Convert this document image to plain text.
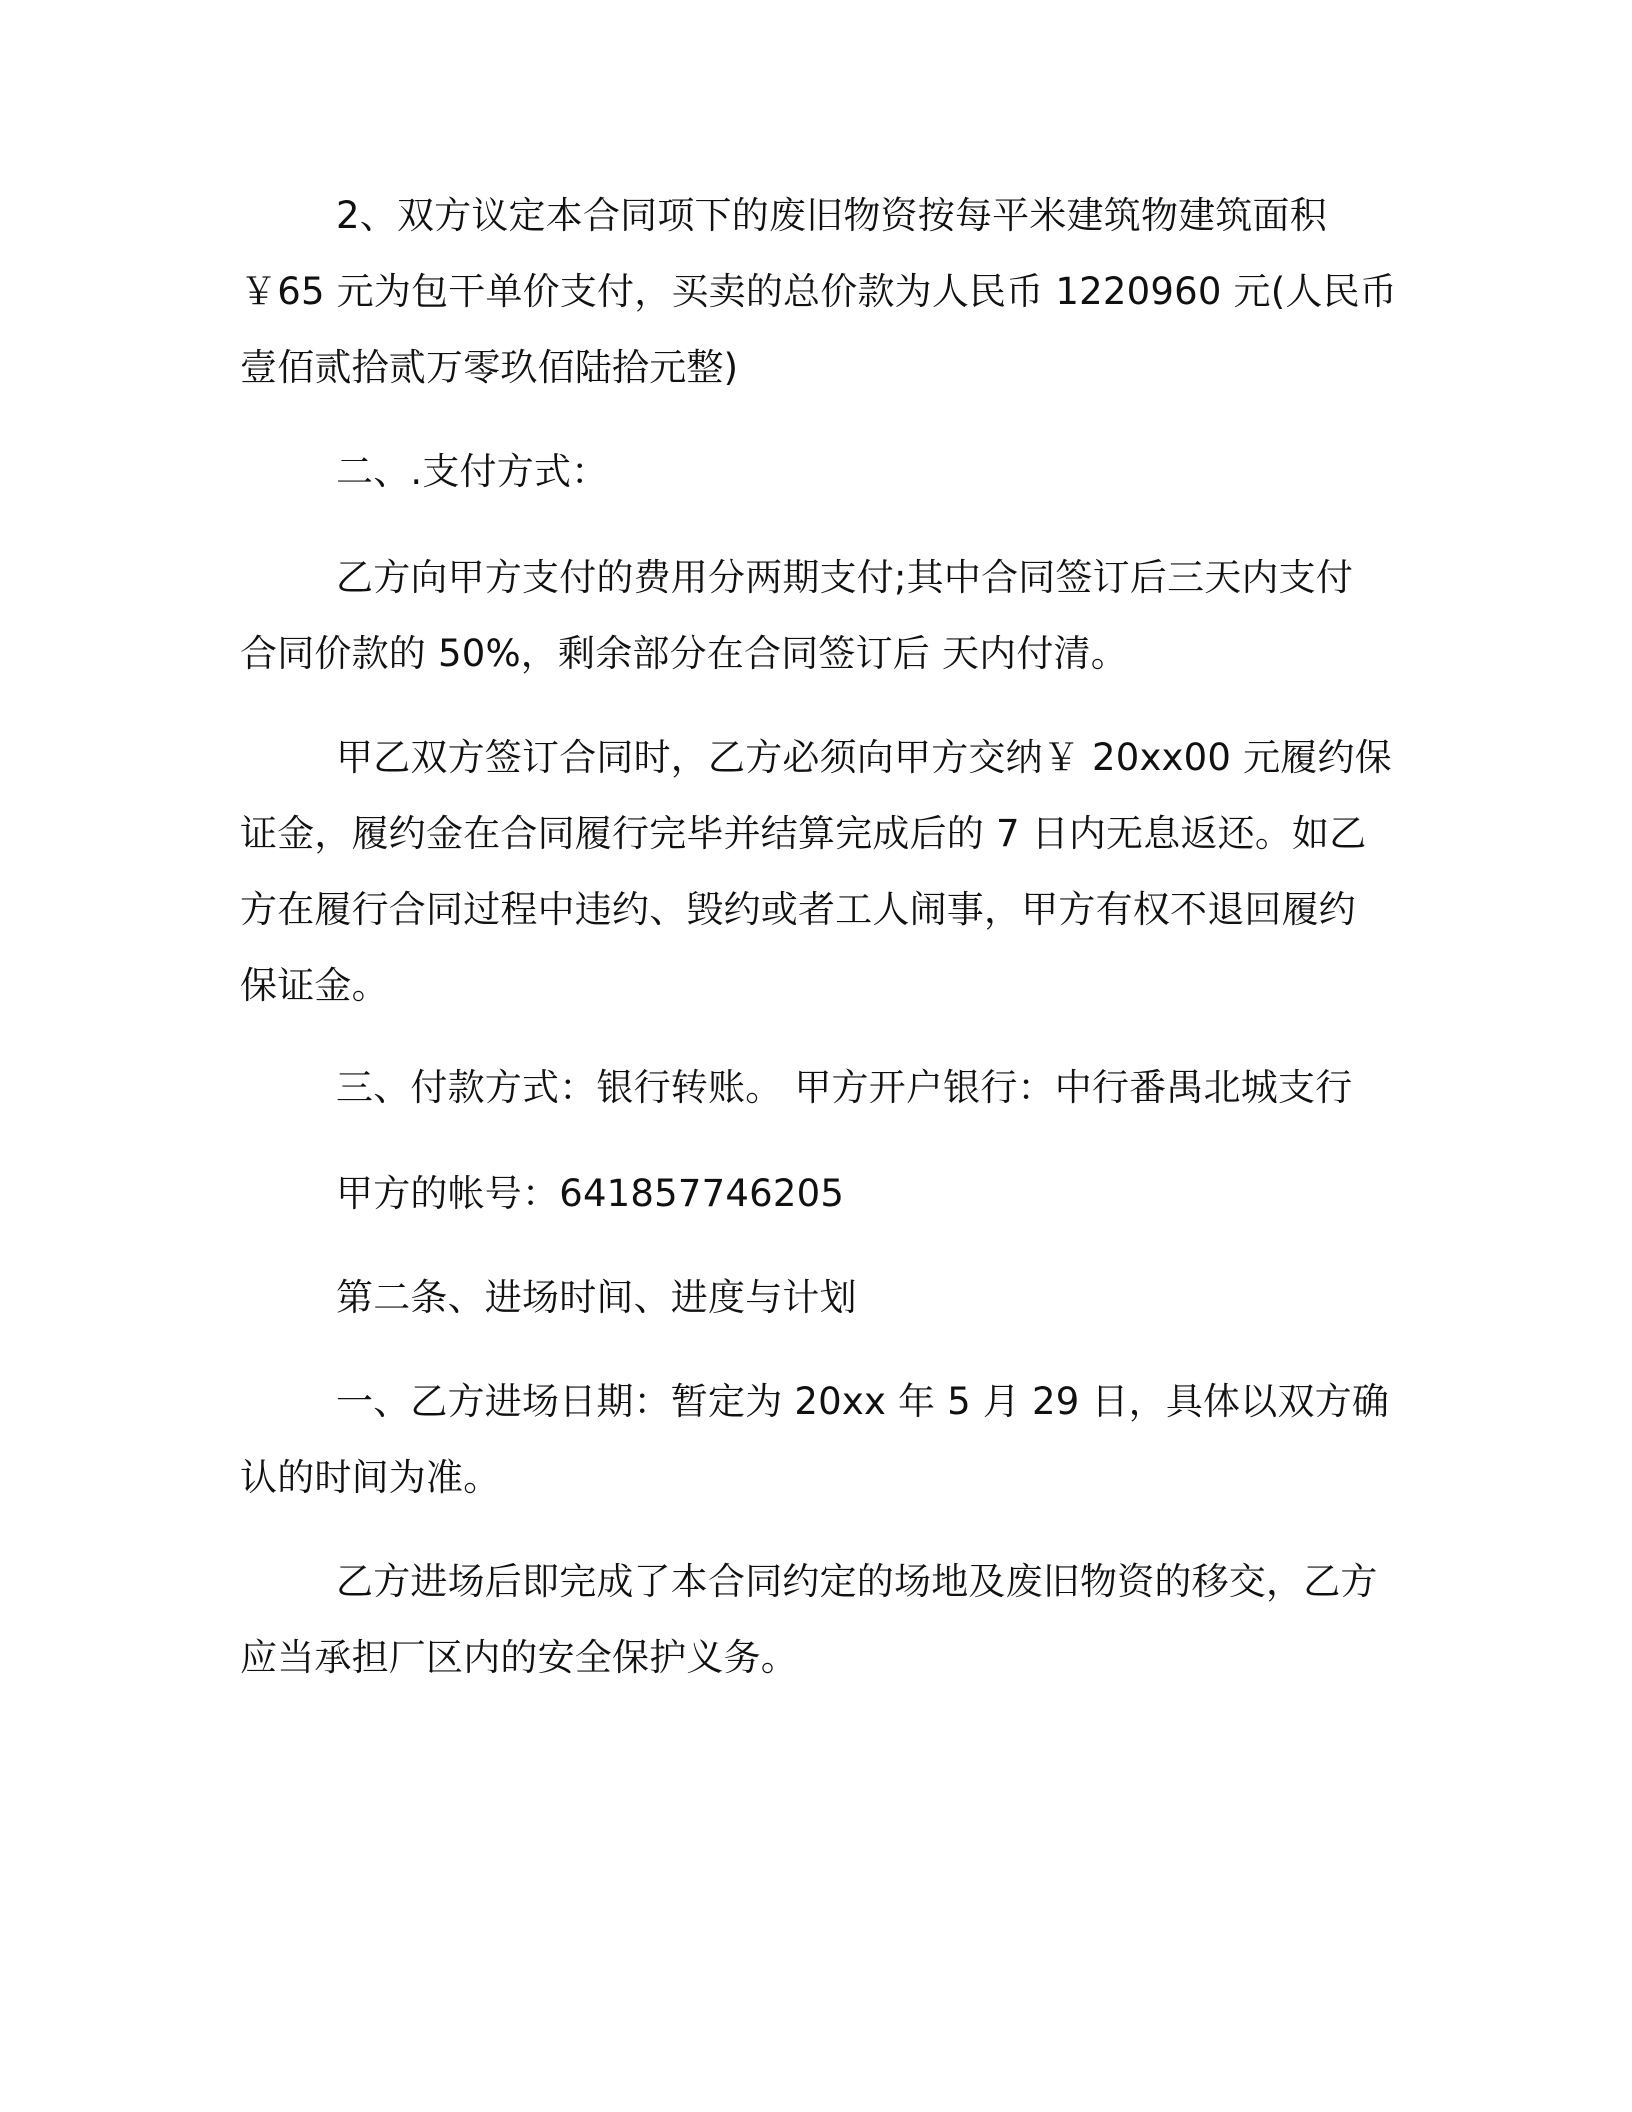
2、双方议定本合同项下的废旧物资按每平米建筑物建筑面积
￥65 元为包干单价支付，买卖的总价款为人民币 1220960 元(人民币
壹佰贰拾贰万零玖佰陆拾元整)
二、.支付方式：
乙方向甲方支付的费用分两期支付;其中合同签订后三天内支付
合同价款的 50%，剩余部分在合同签订后 天内付清。
甲乙双方签订合同时，乙方必须向甲方交纳￥ 20xx00 元履约保
证金，履约金在合同履行完毕并结算完成后的 7 日内无息返还。如乙
方在履行合同过程中违约、毁约或者工人闹事，甲方有权不退回履约
保证金。
三、付款方式：银行转账。 甲方开户银行：中行番禺北城支行
甲方的帐号：641857746205
第二条、进场时间、进度与计划
一、乙方进场日期：暂定为 20xx 年 5 月 29 日，具体以双方确
认的时间为准。
乙方进场后即完成了本合同约定的场地及废旧物资的移交，乙方
应当承担厂区内的安全保护义务。
